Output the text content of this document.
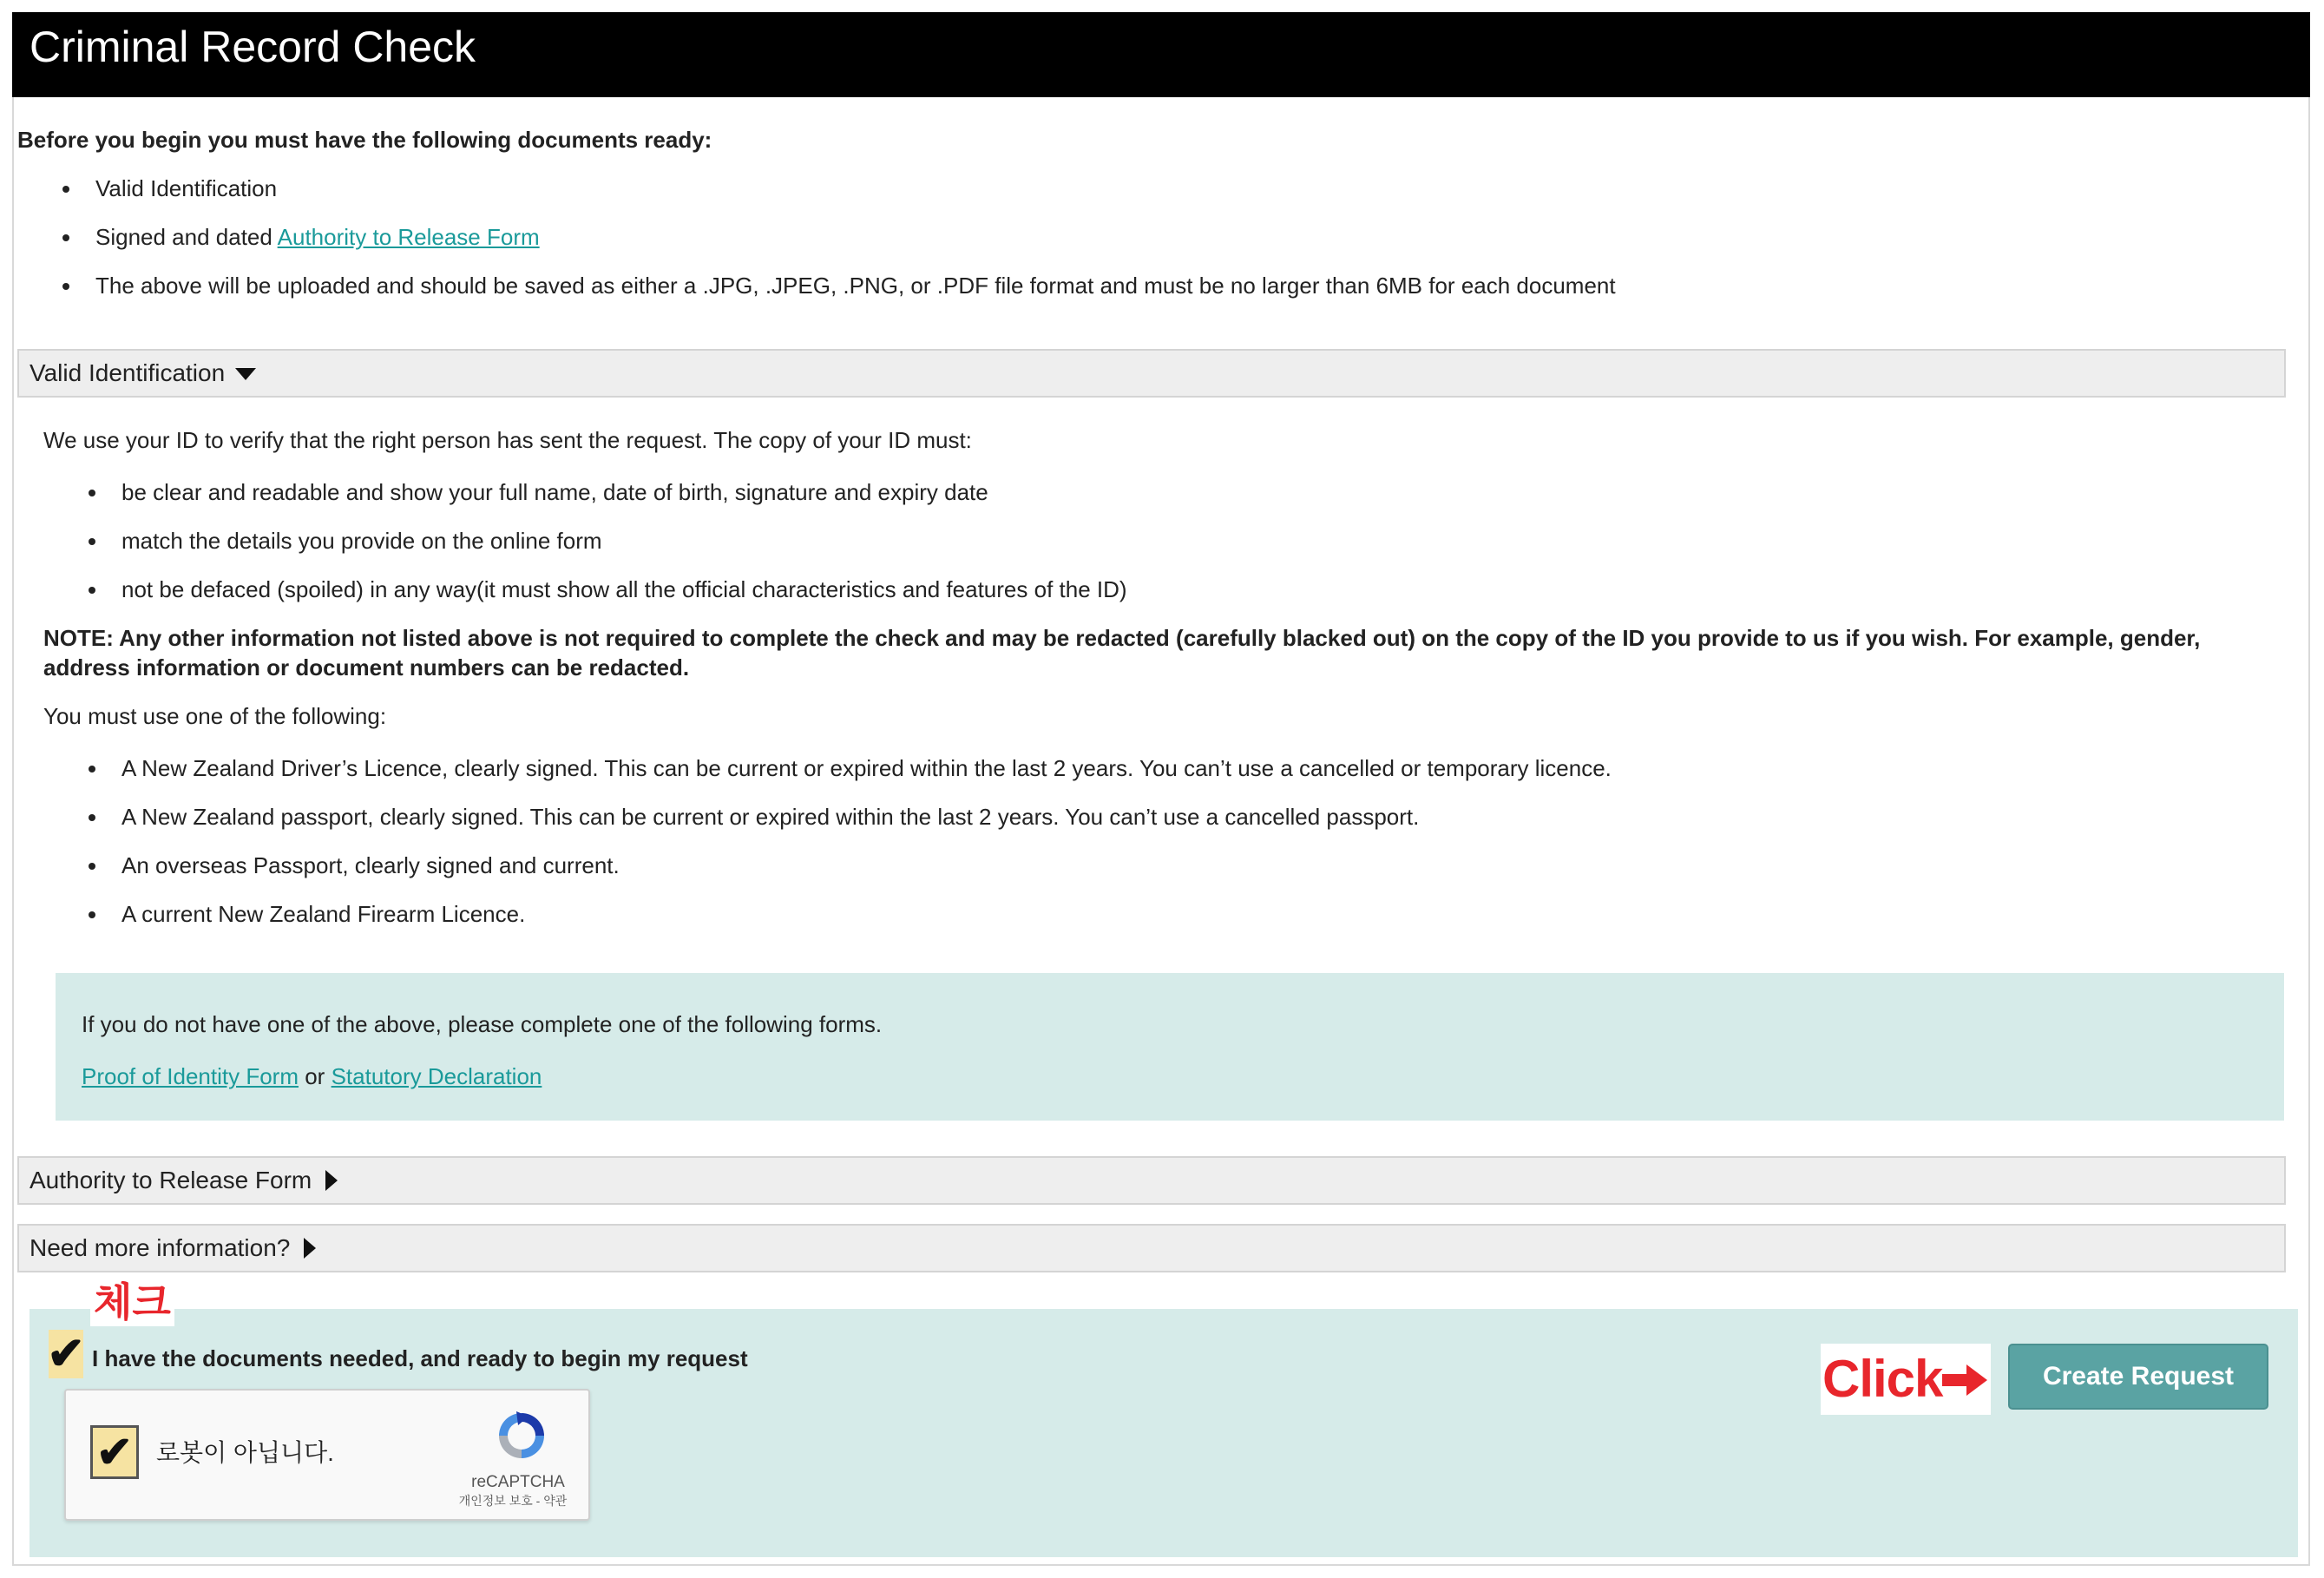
Criminal Record Check

Before you begin you must have the following documents ready:

Valid Identification
Signed and dated Authority to Release Form
The above will be uploaded and should be saved as either a .JPG, .JPEG, .PNG, or .PDF file format and must be no larger than 6MB for each document
Valid Identification

We use your ID to verify that the right person has sent the request. The copy of your ID must:

be clear and readable and show your full name, date of birth, signature and expiry date
match the details you provide on the online form
not be defaced (spoiled) in any way(it must show all the official characteristics and features of the ID)

NOTE: Any other information not listed above is not required to complete the check and may be redacted (carefully blacked out) on the copy of the ID you provide to us if you wish. For example, gender, address information or document numbers can be redacted.

You must use one of the following:

A New Zealand Driver’s Licence, clearly signed. This can be current or expired within the last 2 years. You can’t use a cancelled or temporary licence.
A New Zealand passport, clearly signed. This can be current or expired within the last 2 years. You can’t use a cancelled passport.
An overseas Passport, clearly signed and current.
A current New Zealand Firearm Licence.
If you do not have one of the above, please complete one of the following forms.
Proof of Identity Form or Statutory Declaration
Authority to Release Form
Need more information?
체크
✔ I have the documents needed, and ready to begin my request
✔ 로봇이 아닙니다.
reCAPTCHA
개인정보 보호 - 약관
Click	Create Request
